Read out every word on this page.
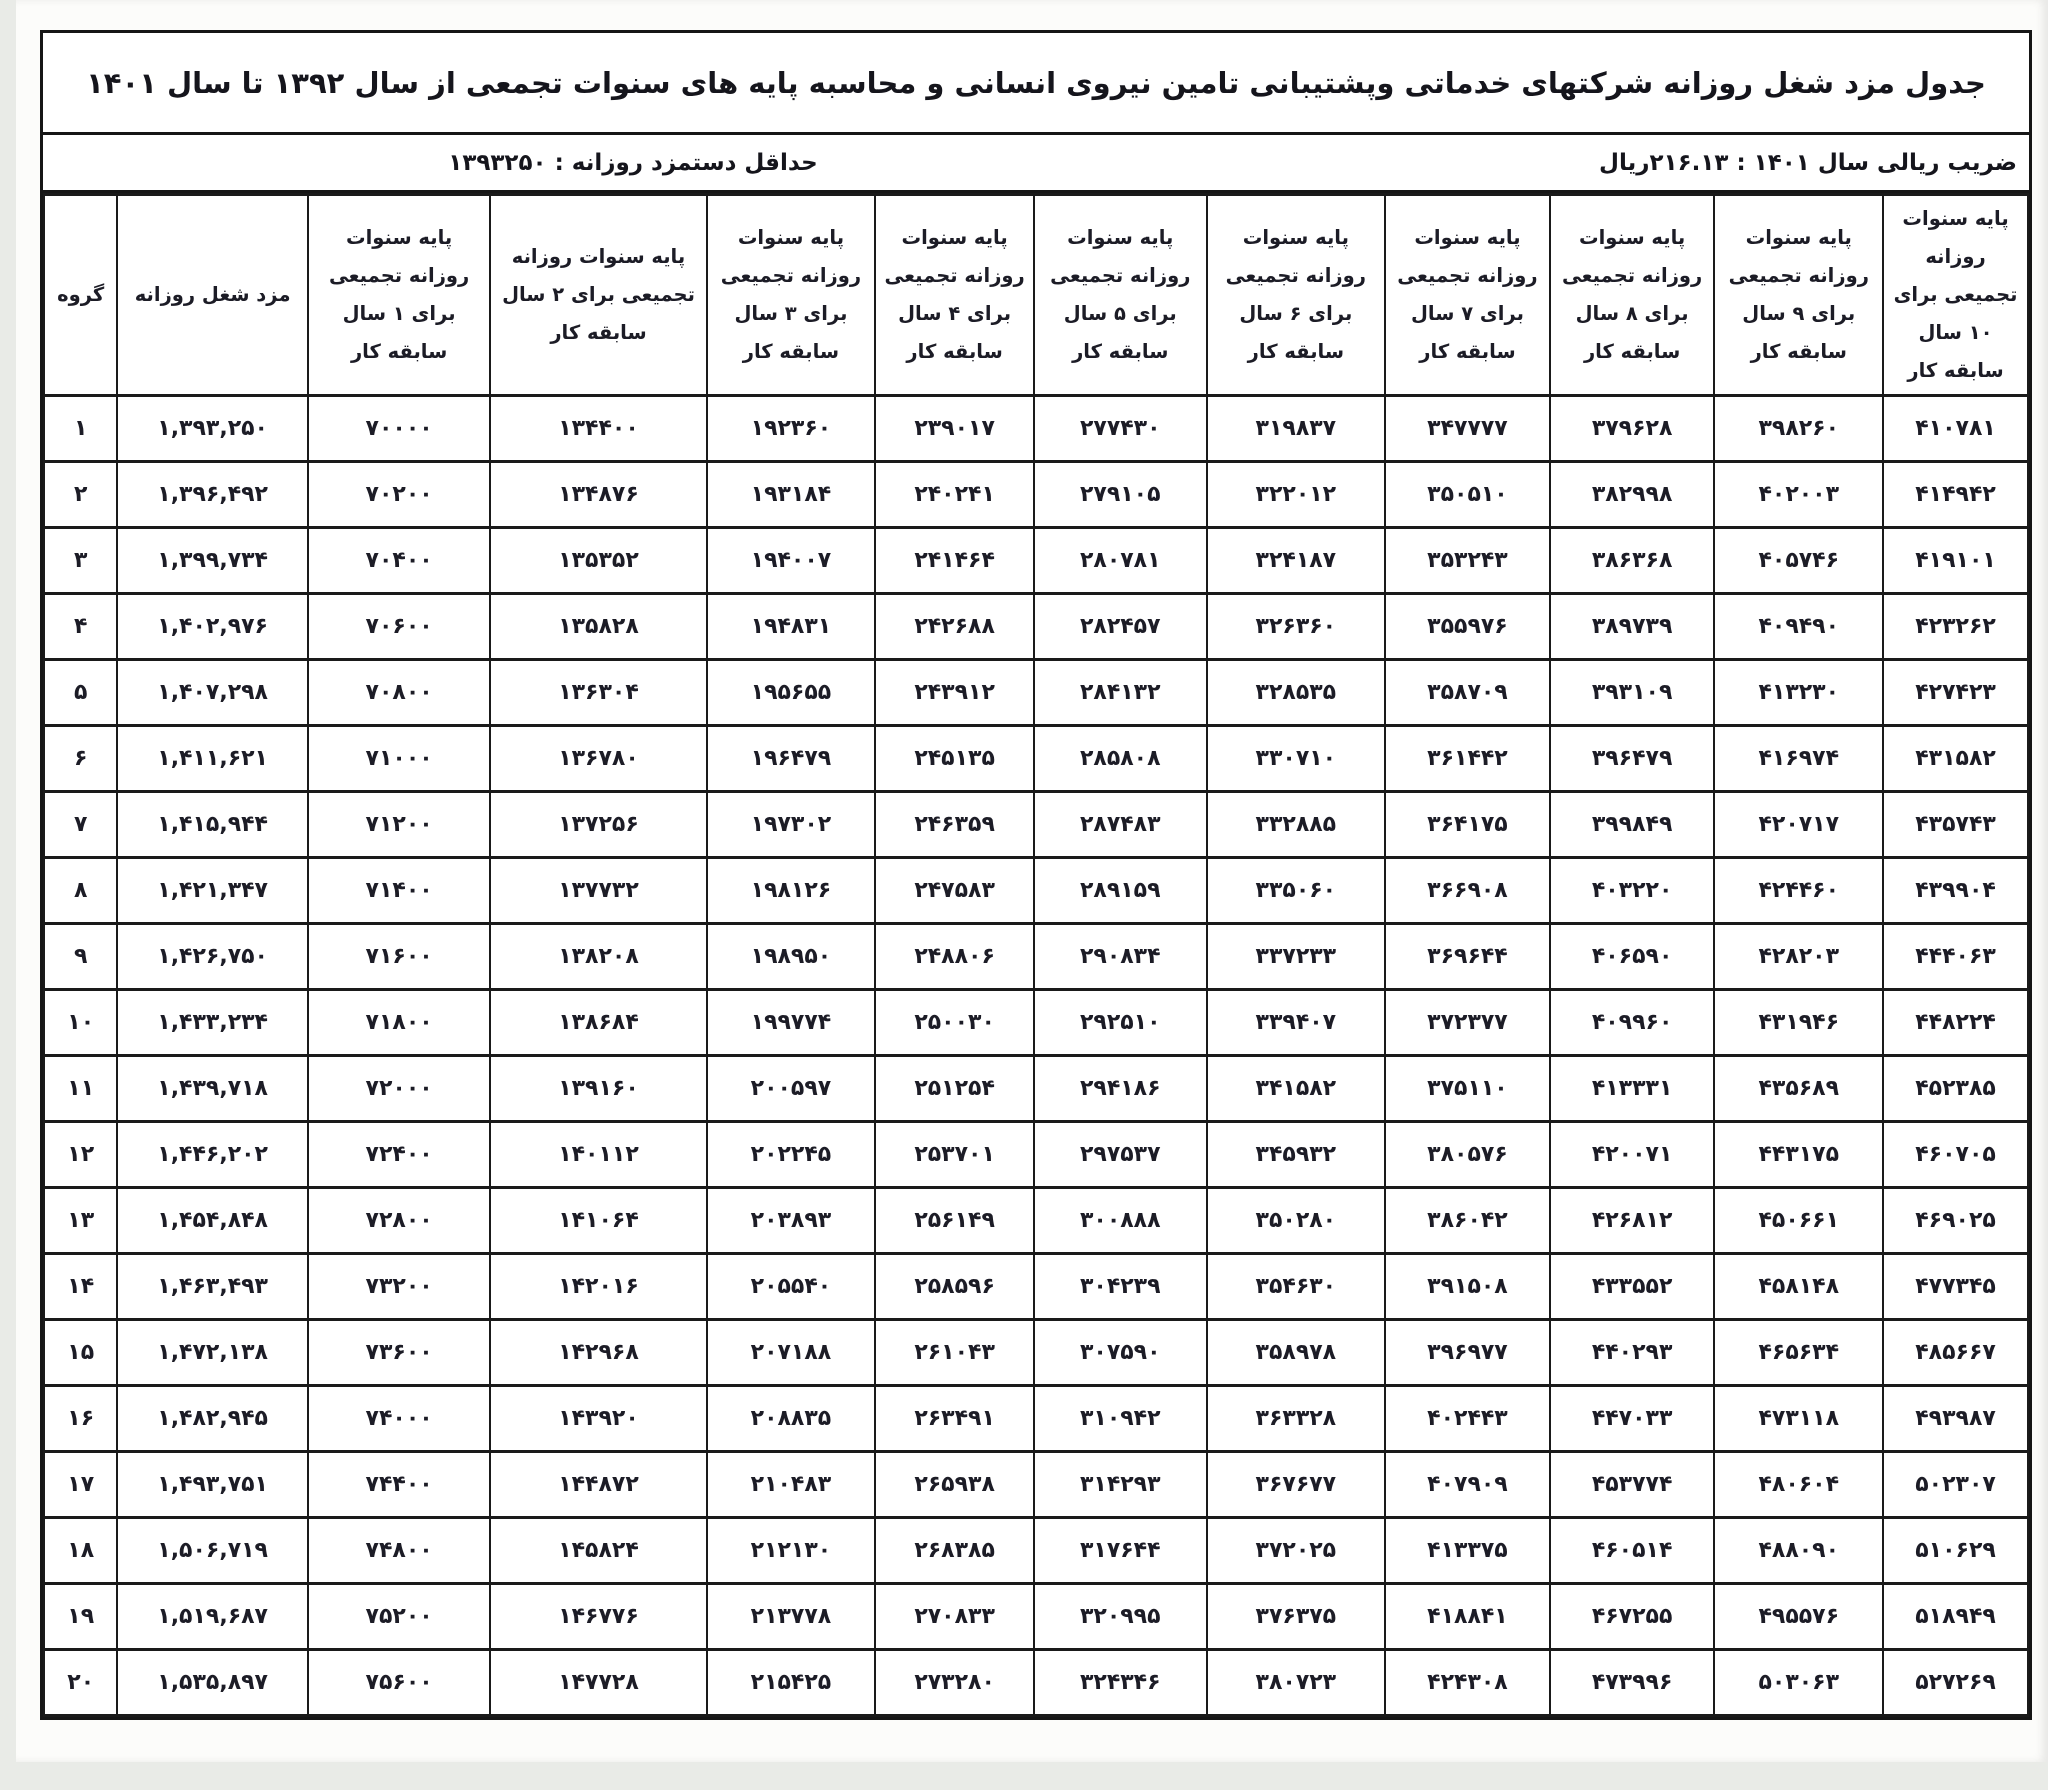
جدول مزد شغل روزانه شرکتهای خدماتی وپشتیبانی تامین نیروی انسانی و محاسبه پایه های سنوات تجمعی از سال ۱۳۹۲ تا سال ۱۴۰۱
ضریب ریالی سال ۱۴۰۱ : ۲۱۶.۱۳ریال
حداقل دستمزد روزانه : ۱۳۹۳۲۵۰
گروه	مزد شغل روزانه	پایه سنوات روزانه تجمیعی برای ۱ سال سابقه کار	پایه سنوات روزانه تجمیعی برای ۲ سال سابقه کار	پایه سنوات روزانه تجمیعی برای ۳ سال سابقه کار	پایه سنوات روزانه تجمیعی برای ۴ سال سابقه کار	پایه سنوات روزانه تجمیعی برای ۵ سال سابقه کار	پایه سنوات روزانه تجمیعی برای ۶ سال سابقه کار	پایه سنوات روزانه تجمیعی برای ۷ سال سابقه کار	پایه سنوات روزانه تجمیعی برای ۸ سال سابقه کار	پایه سنوات روزانه تجمیعی برای ۹ سال سابقه کار	پایه سنوات روزانه تجمیعی برای ۱۰ سال سابقه کار
۱	۱,۳۹۳,۲۵۰	۷۰۰۰۰	۱۳۴۴۰۰	۱۹۲۳۶۰	۲۳۹۰۱۷	۲۷۷۴۳۰	۳۱۹۸۳۷	۳۴۷۷۷۷	۳۷۹۶۲۸	۳۹۸۲۶۰	۴۱۰۷۸۱
۲	۱,۳۹۶,۴۹۲	۷۰۲۰۰	۱۳۴۸۷۶	۱۹۳۱۸۴	۲۴۰۲۴۱	۲۷۹۱۰۵	۳۲۲۰۱۲	۳۵۰۵۱۰	۳۸۲۹۹۸	۴۰۲۰۰۳	۴۱۴۹۴۲
۳	۱,۳۹۹,۷۳۴	۷۰۴۰۰	۱۳۵۳۵۲	۱۹۴۰۰۷	۲۴۱۴۶۴	۲۸۰۷۸۱	۳۲۴۱۸۷	۳۵۳۲۴۳	۳۸۶۳۶۸	۴۰۵۷۴۶	۴۱۹۱۰۱
۴	۱,۴۰۲,۹۷۶	۷۰۶۰۰	۱۳۵۸۲۸	۱۹۴۸۳۱	۲۴۲۶۸۸	۲۸۲۴۵۷	۳۲۶۳۶۰	۳۵۵۹۷۶	۳۸۹۷۳۹	۴۰۹۴۹۰	۴۲۳۲۶۲
۵	۱,۴۰۷,۲۹۸	۷۰۸۰۰	۱۳۶۳۰۴	۱۹۵۶۵۵	۲۴۳۹۱۲	۲۸۴۱۳۲	۳۲۸۵۳۵	۳۵۸۷۰۹	۳۹۳۱۰۹	۴۱۳۲۳۰	۴۲۷۴۲۳
۶	۱,۴۱۱,۶۲۱	۷۱۰۰۰	۱۳۶۷۸۰	۱۹۶۴۷۹	۲۴۵۱۳۵	۲۸۵۸۰۸	۳۳۰۷۱۰	۳۶۱۴۴۲	۳۹۶۴۷۹	۴۱۶۹۷۴	۴۳۱۵۸۲
۷	۱,۴۱۵,۹۴۴	۷۱۲۰۰	۱۳۷۲۵۶	۱۹۷۳۰۲	۲۴۶۳۵۹	۲۸۷۴۸۳	۳۳۲۸۸۵	۳۶۴۱۷۵	۳۹۹۸۴۹	۴۲۰۷۱۷	۴۳۵۷۴۳
۸	۱,۴۲۱,۳۴۷	۷۱۴۰۰	۱۳۷۷۳۲	۱۹۸۱۲۶	۲۴۷۵۸۳	۲۸۹۱۵۹	۳۳۵۰۶۰	۳۶۶۹۰۸	۴۰۳۲۲۰	۴۲۴۴۶۰	۴۳۹۹۰۴
۹	۱,۴۲۶,۷۵۰	۷۱۶۰۰	۱۳۸۲۰۸	۱۹۸۹۵۰	۲۴۸۸۰۶	۲۹۰۸۳۴	۳۳۷۲۳۳	۳۶۹۶۴۴	۴۰۶۵۹۰	۴۲۸۲۰۳	۴۴۴۰۶۳
۱۰	۱,۴۳۳,۲۳۴	۷۱۸۰۰	۱۳۸۶۸۴	۱۹۹۷۷۴	۲۵۰۰۳۰	۲۹۲۵۱۰	۳۳۹۴۰۷	۳۷۲۳۷۷	۴۰۹۹۶۰	۴۳۱۹۴۶	۴۴۸۲۲۴
۱۱	۱,۴۳۹,۷۱۸	۷۲۰۰۰	۱۳۹۱۶۰	۲۰۰۵۹۷	۲۵۱۲۵۴	۲۹۴۱۸۶	۳۴۱۵۸۲	۳۷۵۱۱۰	۴۱۳۳۳۱	۴۳۵۶۸۹	۴۵۲۳۸۵
۱۲	۱,۴۴۶,۲۰۲	۷۲۴۰۰	۱۴۰۱۱۲	۲۰۲۲۴۵	۲۵۳۷۰۱	۲۹۷۵۳۷	۳۴۵۹۳۲	۳۸۰۵۷۶	۴۲۰۰۷۱	۴۴۳۱۷۵	۴۶۰۷۰۵
۱۳	۱,۴۵۴,۸۴۸	۷۲۸۰۰	۱۴۱۰۶۴	۲۰۳۸۹۳	۲۵۶۱۴۹	۳۰۰۸۸۸	۳۵۰۲۸۰	۳۸۶۰۴۲	۴۲۶۸۱۲	۴۵۰۶۶۱	۴۶۹۰۲۵
۱۴	۱,۴۶۳,۴۹۳	۷۳۲۰۰	۱۴۲۰۱۶	۲۰۵۵۴۰	۲۵۸۵۹۶	۳۰۴۲۳۹	۳۵۴۶۳۰	۳۹۱۵۰۸	۴۳۳۵۵۲	۴۵۸۱۴۸	۴۷۷۳۴۵
۱۵	۱,۴۷۲,۱۳۸	۷۳۶۰۰	۱۴۲۹۶۸	۲۰۷۱۸۸	۲۶۱۰۴۳	۳۰۷۵۹۰	۳۵۸۹۷۸	۳۹۶۹۷۷	۴۴۰۲۹۳	۴۶۵۶۳۴	۴۸۵۶۶۷
۱۶	۱,۴۸۲,۹۴۵	۷۴۰۰۰	۱۴۳۹۲۰	۲۰۸۸۳۵	۲۶۳۴۹۱	۳۱۰۹۴۲	۳۶۳۳۲۸	۴۰۲۴۴۳	۴۴۷۰۳۳	۴۷۳۱۱۸	۴۹۳۹۸۷
۱۷	۱,۴۹۳,۷۵۱	۷۴۴۰۰	۱۴۴۸۷۲	۲۱۰۴۸۳	۲۶۵۹۳۸	۳۱۴۲۹۳	۳۶۷۶۷۷	۴۰۷۹۰۹	۴۵۳۷۷۴	۴۸۰۶۰۴	۵۰۲۳۰۷
۱۸	۱,۵۰۶,۷۱۹	۷۴۸۰۰	۱۴۵۸۲۴	۲۱۲۱۳۰	۲۶۸۳۸۵	۳۱۷۶۴۴	۳۷۲۰۲۵	۴۱۳۳۷۵	۴۶۰۵۱۴	۴۸۸۰۹۰	۵۱۰۶۲۹
۱۹	۱,۵۱۹,۶۸۷	۷۵۲۰۰	۱۴۶۷۷۶	۲۱۳۷۷۸	۲۷۰۸۳۳	۳۲۰۹۹۵	۳۷۶۳۷۵	۴۱۸۸۴۱	۴۶۷۲۵۵	۴۹۵۵۷۶	۵۱۸۹۴۹
۲۰	۱,۵۳۵,۸۹۷	۷۵۶۰۰	۱۴۷۷۲۸	۲۱۵۴۲۵	۲۷۳۲۸۰	۳۲۴۳۴۶	۳۸۰۷۲۳	۴۲۴۳۰۸	۴۷۳۹۹۶	۵۰۳۰۶۳	۵۲۷۲۶۹
